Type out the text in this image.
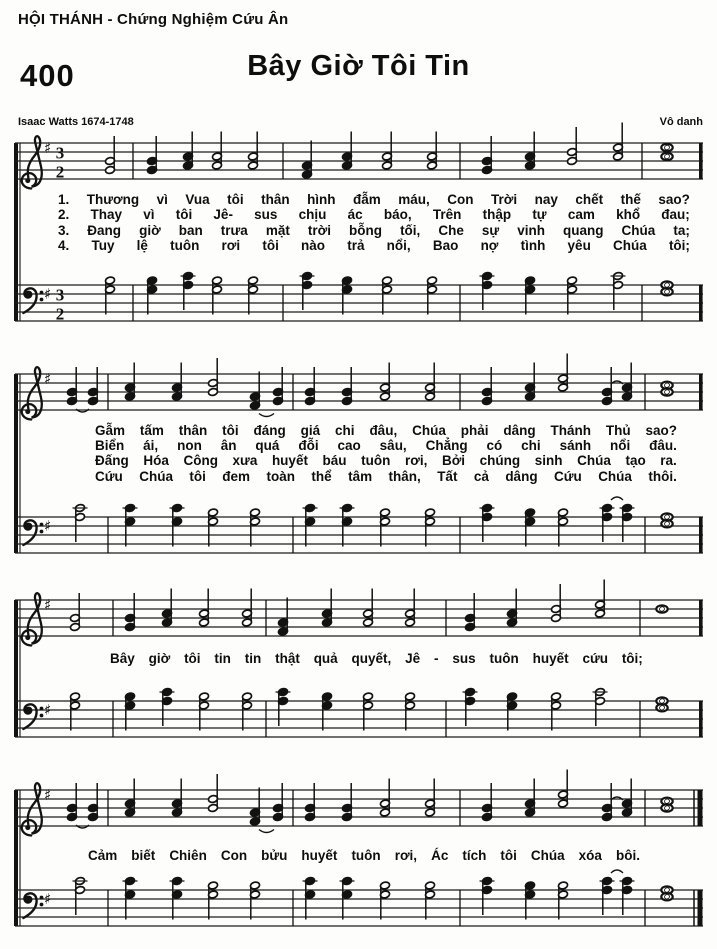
♯ 3
2
♯ 3
2
♯
♯
♯
♯
♯
♯
HỘI THÁNH - Chứng Nghiệm Cứu Ân
400	Bây Giờ Tôi Tin
Isaac Watts 1674-1748	Vô danh
1. Thương vì Vua tôi thân hình đẫm máu, Con Trời nay chết thế sao?
2. Thay vì tôi Jê- sus chịu ác báo, Trên thập tự cam khổ đau;
3. Đang giờ ban trưa mặt trời bỗng tối, Che sự vinh quang Chúa ta;
4. Tuy lệ tuôn rơi tôi nào trả nổi, Bao nợ tình yêu Chúa tôi;
Gẫm tấm thân tôi đáng giá chi đâu, Chúa phải dâng Thánh Thủ sao?
Biển ái, non ân quá đỗi cao sâu, Chẳng có chi sánh nổi đâu.
Đấng Hóa Công xưa huyết báu tuôn rơi, Bởi chúng sinh Chúa tạo ra.
Cứu Chúa tôi đem toàn thể tâm thân, Tất cả dâng Cứu Chúa thôi.
Bây giờ tôi tin tin thật quả quyết, Jê - sus tuôn huyết cứu tôi;
Cảm biết Chiên Con bửu huyết tuôn rơi, Ác tích tôi Chúa xóa bôi.
